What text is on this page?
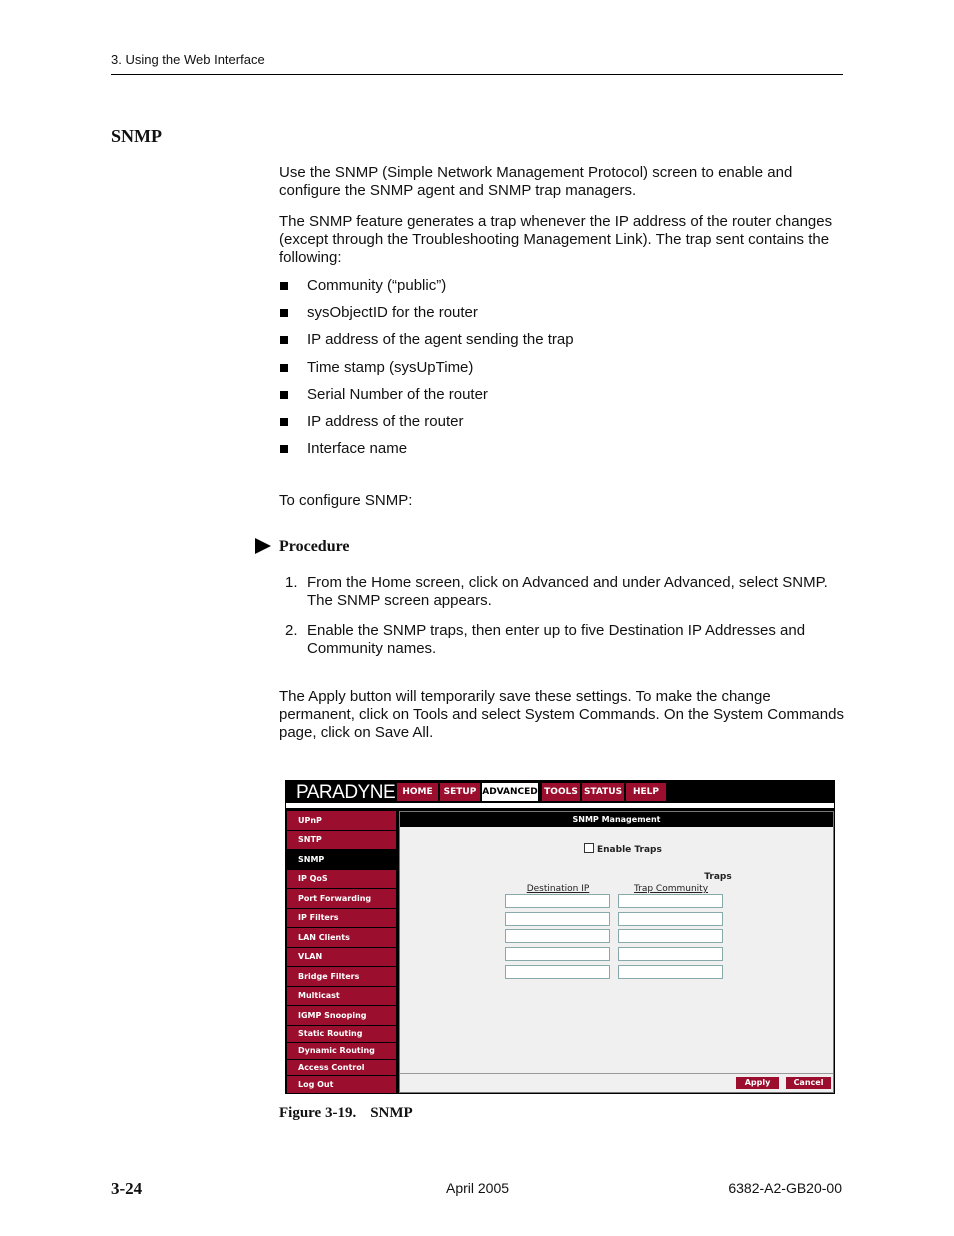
3. Using the Web Interface
SNMP
Use the SNMP (Simple Network Management Protocol) screen to enable and configure the SNMP agent and SNMP trap managers.
The SNMP feature generates a trap whenever the IP address of the router changes (except through the Troubleshooting Management Link). The trap sent contains the following:
Community (“public”)
sysObjectID for the router
IP address of the agent sending the trap
Time stamp (sysUpTime)
Serial Number of the router
IP address of the router
Interface name
To configure SNMP:
Procedure
1. From the Home screen, click on Advanced and under Advanced, select SNMP. The SNMP screen appears.
2. Enable the SNMP traps, then enter up to five Destination IP Addresses and Community names.
The Apply button will temporarily save these settings. To make the change permanent, click on Tools and select System Commands. On the System Commands page, click on Save All.
PARADYNE HOME	SETUP ADVANCED TOOLS STATUS	HELP
UPnP
SNTP
SNMP
IP QoS
Port Forwarding
IP Filters
LAN Clients
VLAN
Bridge Filters
Multicast
IGMP Snooping
Static Routing
Dynamic Routing
Access Control
Log Out
SNMP Management
Enable Traps
Traps
Destination IP	Trap Community
Apply	Cancel
Figure 3-19. SNMP
3-24	April 2005	6382-A2-GB20-00
